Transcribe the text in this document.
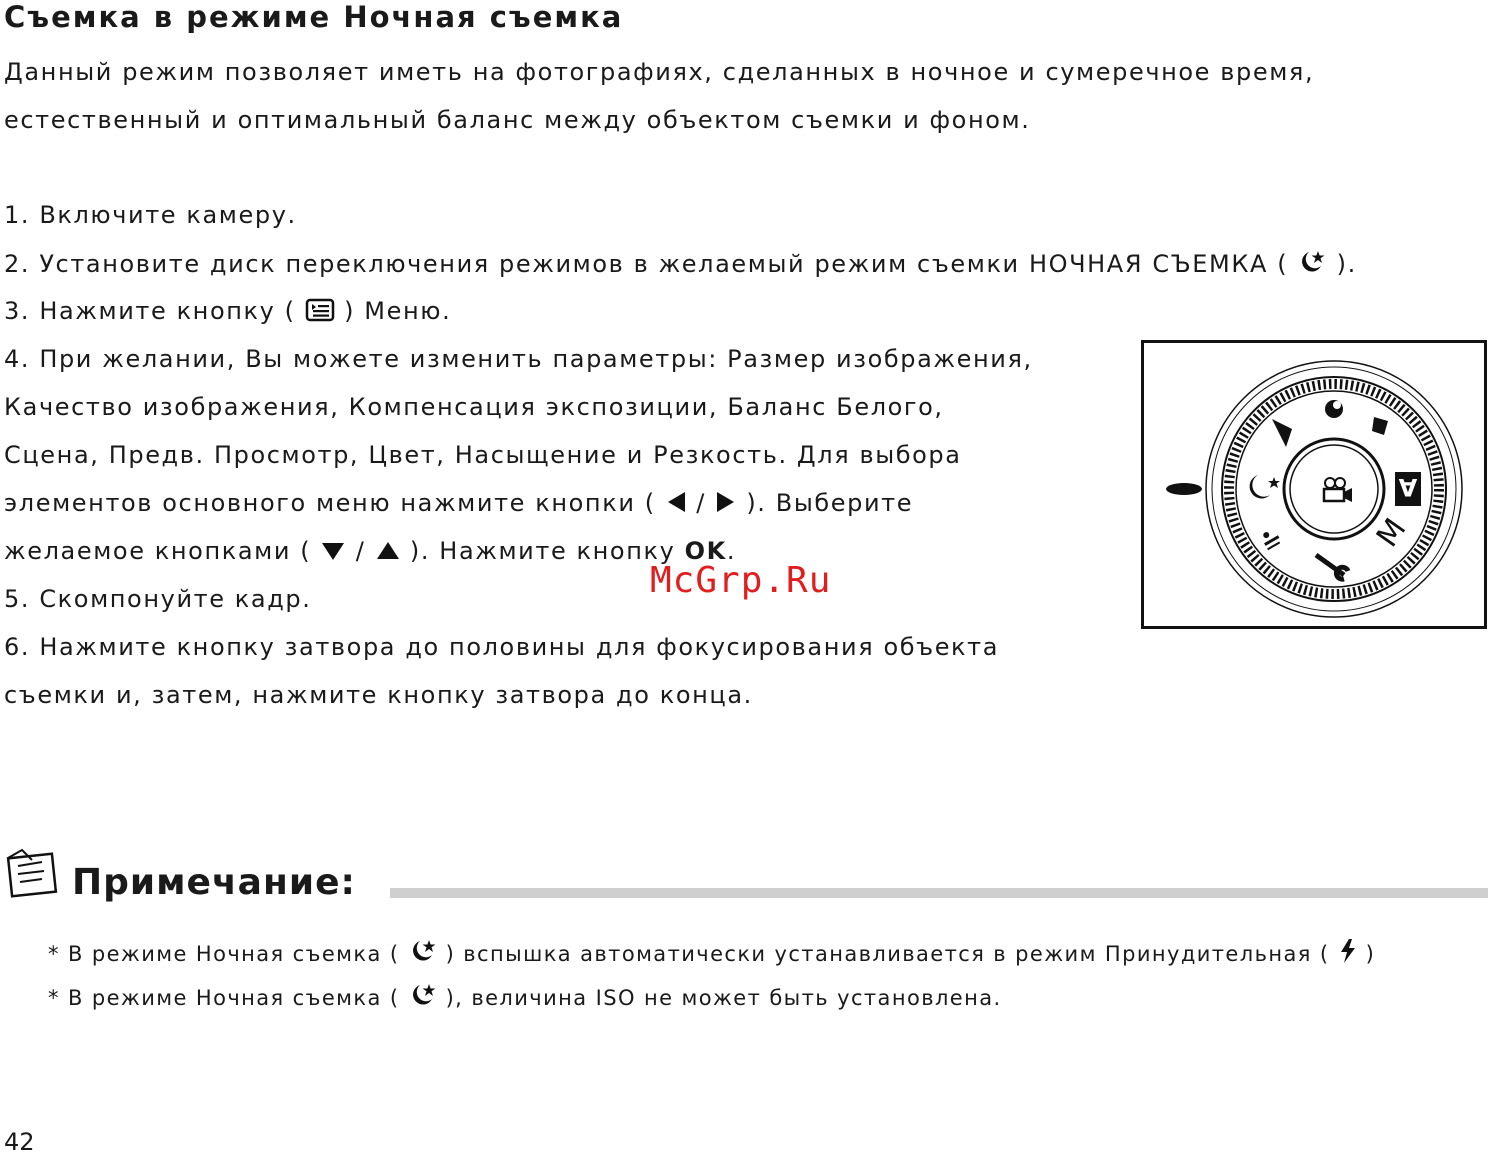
Съемка в режиме Ночная съемка
Данный режим позволяет иметь на фотографиях, сделанных в ночное и сумеречное время,
естественный и оптимальный баланс между объектом съемки и фоном.
1. Включите камеру.
2. Установите диск переключения режимов в желаемый режим съемки НОЧНАЯ СЪЕМКА ( ).
3. Нажмите кнопку ( ) Меню.
4. При желании, Вы можете изменить параметры: Размер изображения,
Качество изображения, Компенсация экспозиции, Баланс Белого,
Сцена, Предв. Просмотр, Цвет, Насыщение и Резкость. Для выбора
элементов основного меню нажмите кнопки ( / ). Выберите
желаемое кнопками ( / ). Нажмите кнопку OK.
5. Скомпонуйте кадр.
6. Нажмите кнопку затвора до половины для фокусирования объекта
съемки и, затем, нажмите кнопку затвора до конца.
McGrp.Ru
A
M
Примечание:
* В режиме Ночная съемка ( ) вспышка автоматически устанавливается в режим Принудительная ( )
* В режиме Ночная съемка ( ), величина ISO не может быть установлена.
42
